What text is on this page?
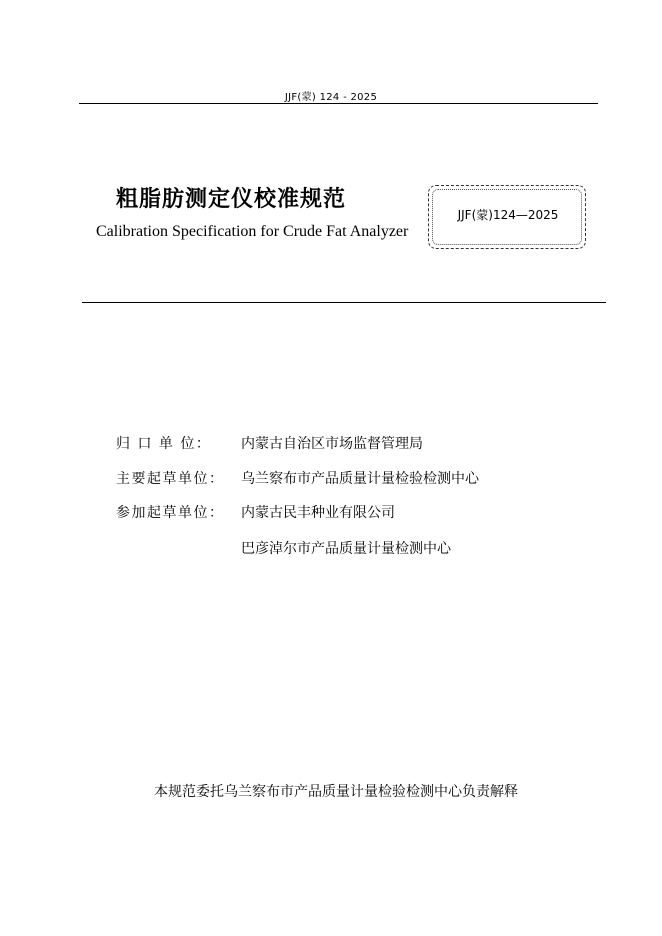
JJF(蒙) 124 - 2025
粗脂肪测定仪校准规范
Calibration Specification for Crude Fat Analyzer
JJF(蒙)124—2025
归 口 单 位： 内蒙古自治区市场监督管理局
主要起草单位： 乌兰察布市产品质量计量检验检测中心
参加起草单位： 内蒙古民丰种业有限公司
巴彦淖尔市产品质量计量检测中心
本规范委托乌兰察布市产品质量计量检验检测中心负责解释
